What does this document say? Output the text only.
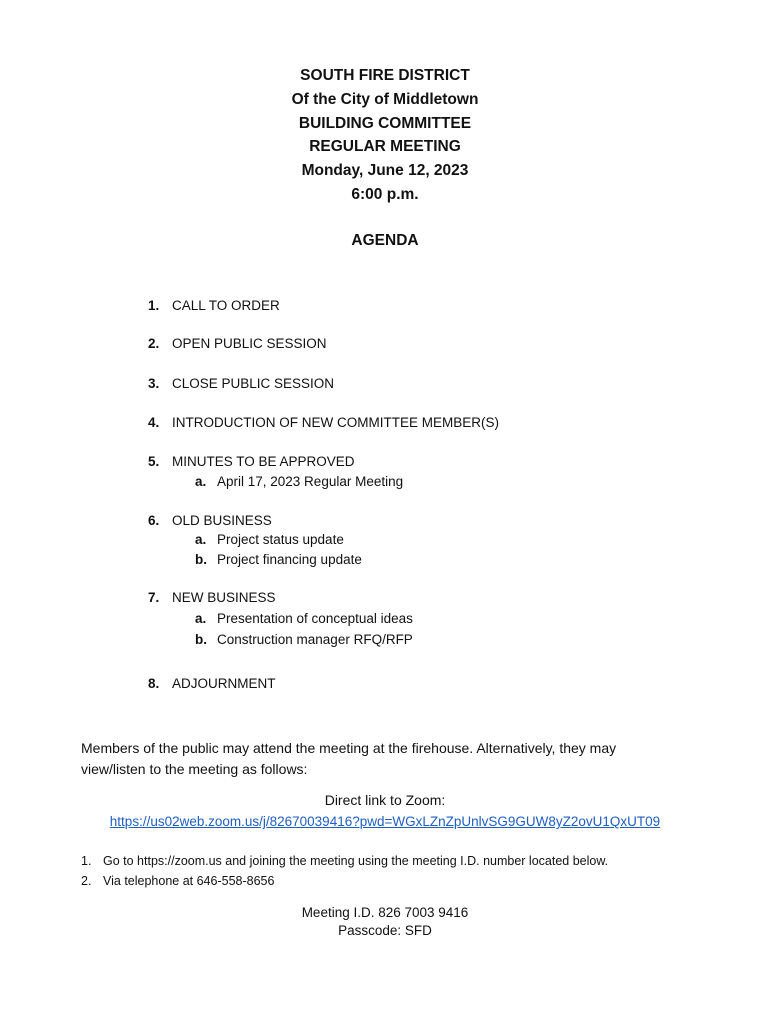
SOUTH FIRE DISTRICT
Of the City of Middletown
BUILDING COMMITTEE
REGULAR MEETING
Monday, June 12, 2023
6:00 p.m.
AGENDA
1. CALL TO ORDER
2. OPEN PUBLIC SESSION
3. CLOSE PUBLIC SESSION
4. INTRODUCTION OF NEW COMMITTEE MEMBER(S)
5. MINUTES TO BE APPROVED
a. April 17, 2023 Regular Meeting
6. OLD BUSINESS
a. Project status update
b. Project financing update
7. NEW BUSINESS
a. Presentation of conceptual ideas
b. Construction manager RFQ/RFP
8. ADJOURNMENT
Members of the public may attend the meeting at the firehouse. Alternatively, they may view/listen to the meeting as follows:
Direct link to Zoom:
https://us02web.zoom.us/j/82670039416?pwd=WGxLZnZpUnlvSG9GUW8yZ2ovU1QxUT09
1. Go to https://zoom.us and joining the meeting using the meeting I.D. number located below.
2. Via telephone at 646-558-8656
Meeting I.D. 826 7003 9416
Passcode: SFD
